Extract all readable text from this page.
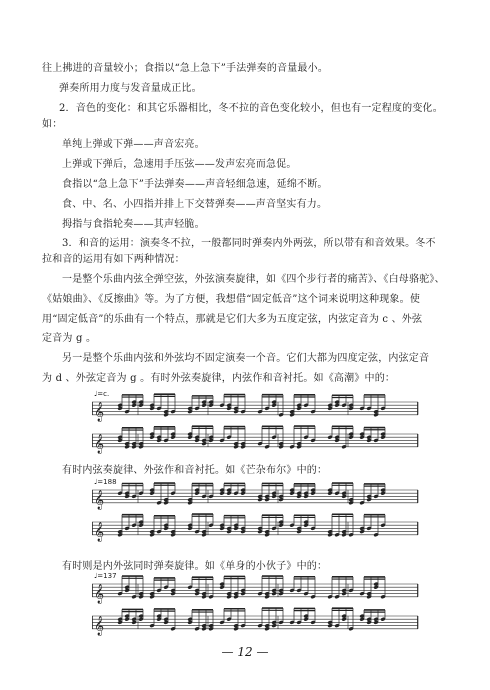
往上拂进的音量较小；食指以“急上急下”手法弹奏的音量最小。
弹奏所用力度与发音量成正比。
2．音色的变化：和其它乐器相比，冬不拉的音色变化较小，但也有一定程度的变化。
如：
单纯上弹或下弹——声音宏亮。
上弹或下弹后，急速用手压弦——发声宏亮而急促。
食指以“急上急下”手法弹奏——声音轻细急速，延绵不断。
食、中、名、小四指并排上下交替弹奏——声音坚实有力。
拇指与食指轮奏——其声轻脆。
3．和音的运用：演奏冬不拉，一般都同时弹奏内外两弦，所以带有和音效果。冬不
拉和音的运用有如下两种情况：
一是整个乐曲内弦全弹空弦，外弦演奏旋律，如《四个步行者的痛苦》、《白母骆驼》、
《姑娘曲》、《反擦曲》等。为了方便，我想借“固定低音”这个词来说明这种现象。使
用“固定低音”的乐曲有一个特点，那就是它们大多为五度定弦，内弦定音为 c 、外弦
定音为 g 。
另一是整个乐曲内弦和外弦均不固定演奏一个音。它们大都为四度定弦，内弦定音
为 d 、外弦定音为 g 。有时外弦奏旋律，内弦作和音衬托。如《高潮》中的：
♩=c.
𝄞
𝄞
有时内弦奏旋律、外弦作和音衬托。如《芒杂布尔》中的：
♩=188
𝄞
𝄞
有时则是内外弦同时弹奏旋律。如《单身的小伙子》中的：
♩=137
𝄞
𝄞
— 12 —
